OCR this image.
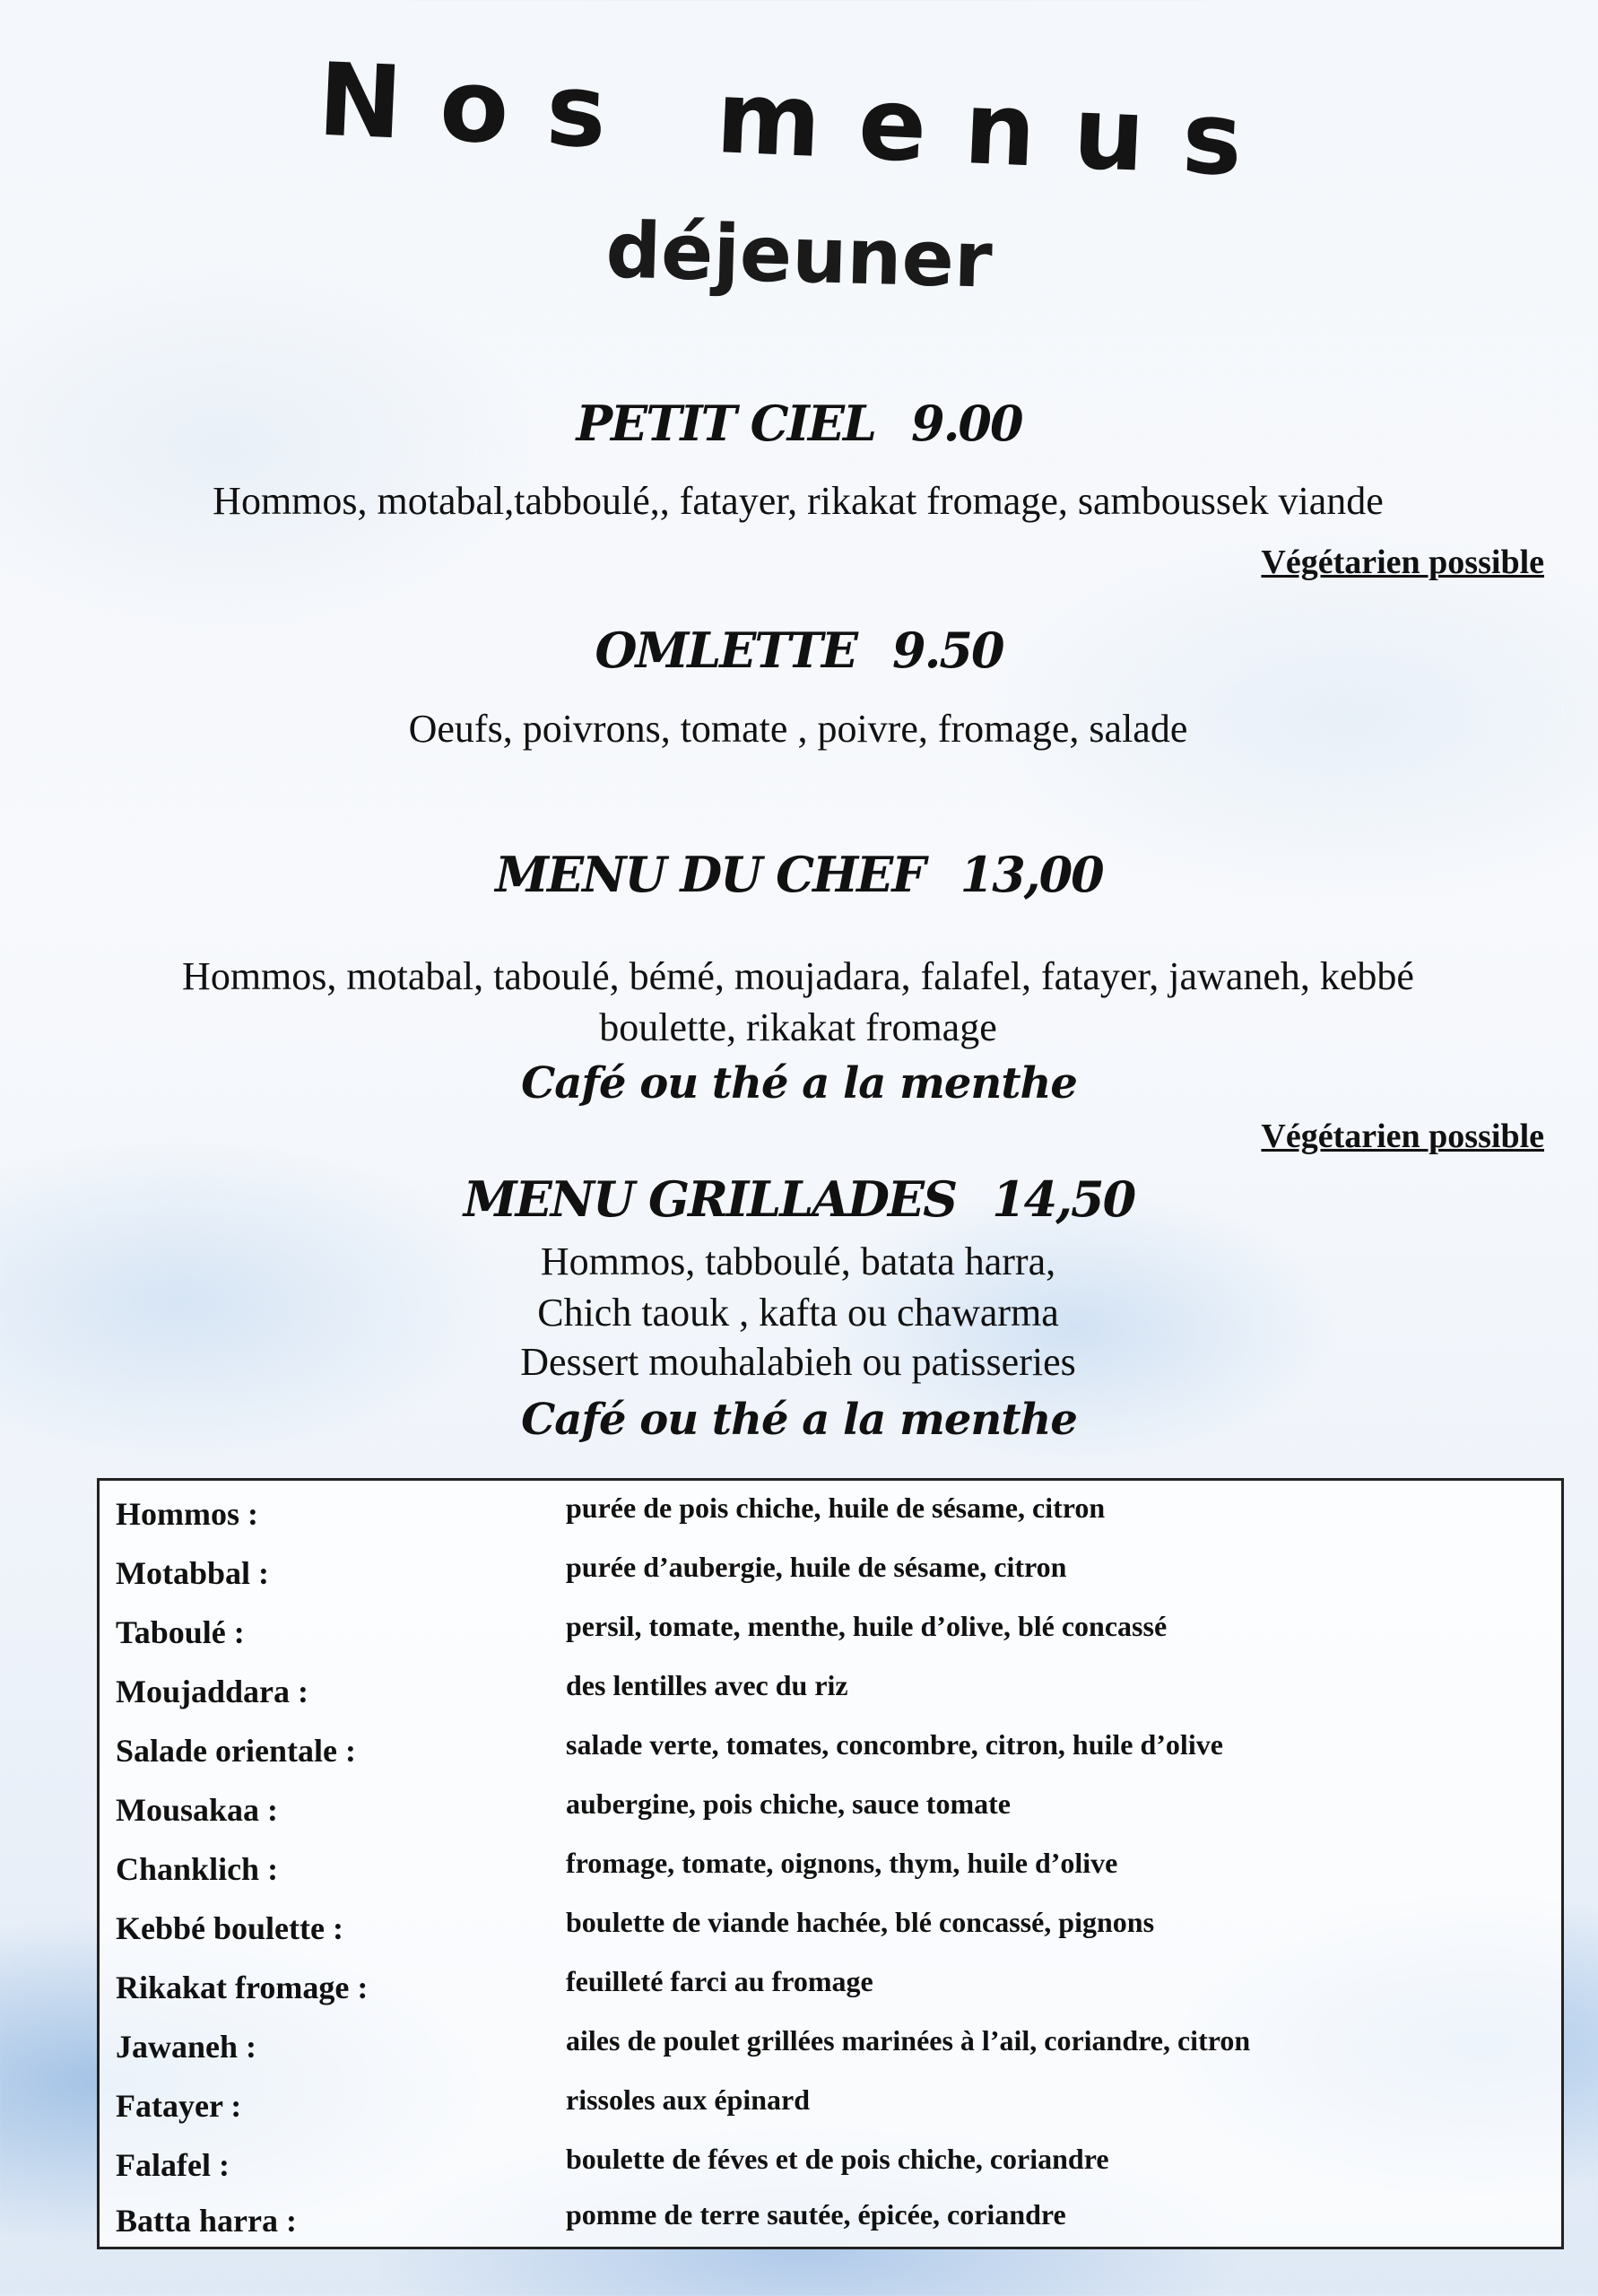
Nos menus
déjeuner
PETIT CIEL 9.00
Hommos, motabal,tabboulé,, fatayer, rikakat fromage, samboussek viande
Végétarien possible
OMLETTE 9.50
Oeufs, poivrons, tomate , poivre, fromage, salade
MENU DU CHEF 13,00
Hommos, motabal, taboulé, bémé, moujadara, falafel, fatayer, jawaneh, kebbé
boulette, rikakat fromage
Café ou thé a la menthe
Végétarien possible
MENU GRILLADES 14,50
Hommos, tabboulé, batata harra,
Chich taouk , kafta ou chawarma
Dessert mouhalabieh ou patisseries
Café ou thé a la menthe
Hommos :	purée de pois chiche, huile de sésame, citron
Motabbal :	purée d’aubergie, huile de sésame, citron
Taboulé :	persil, tomate, menthe, huile d’olive, blé concassé
Moujaddara :	des lentilles avec du riz
Salade orientale :	salade verte, tomates, concombre, citron, huile d’olive
Mousakaa :	aubergine, pois chiche, sauce tomate
Chanklich :	fromage, tomate, oignons, thym, huile d’olive
Kebbé boulette :	boulette de viande hachée, blé concassé, pignons
Rikakat fromage :	feuilleté farci au fromage
Jawaneh :	ailes de poulet grillées marinées à l’ail, coriandre, citron
Fatayer :	rissoles aux épinard
Falafel :	boulette de féves et de pois chiche, coriandre
Batta harra :	pomme de terre sautée, épicée, coriandre
